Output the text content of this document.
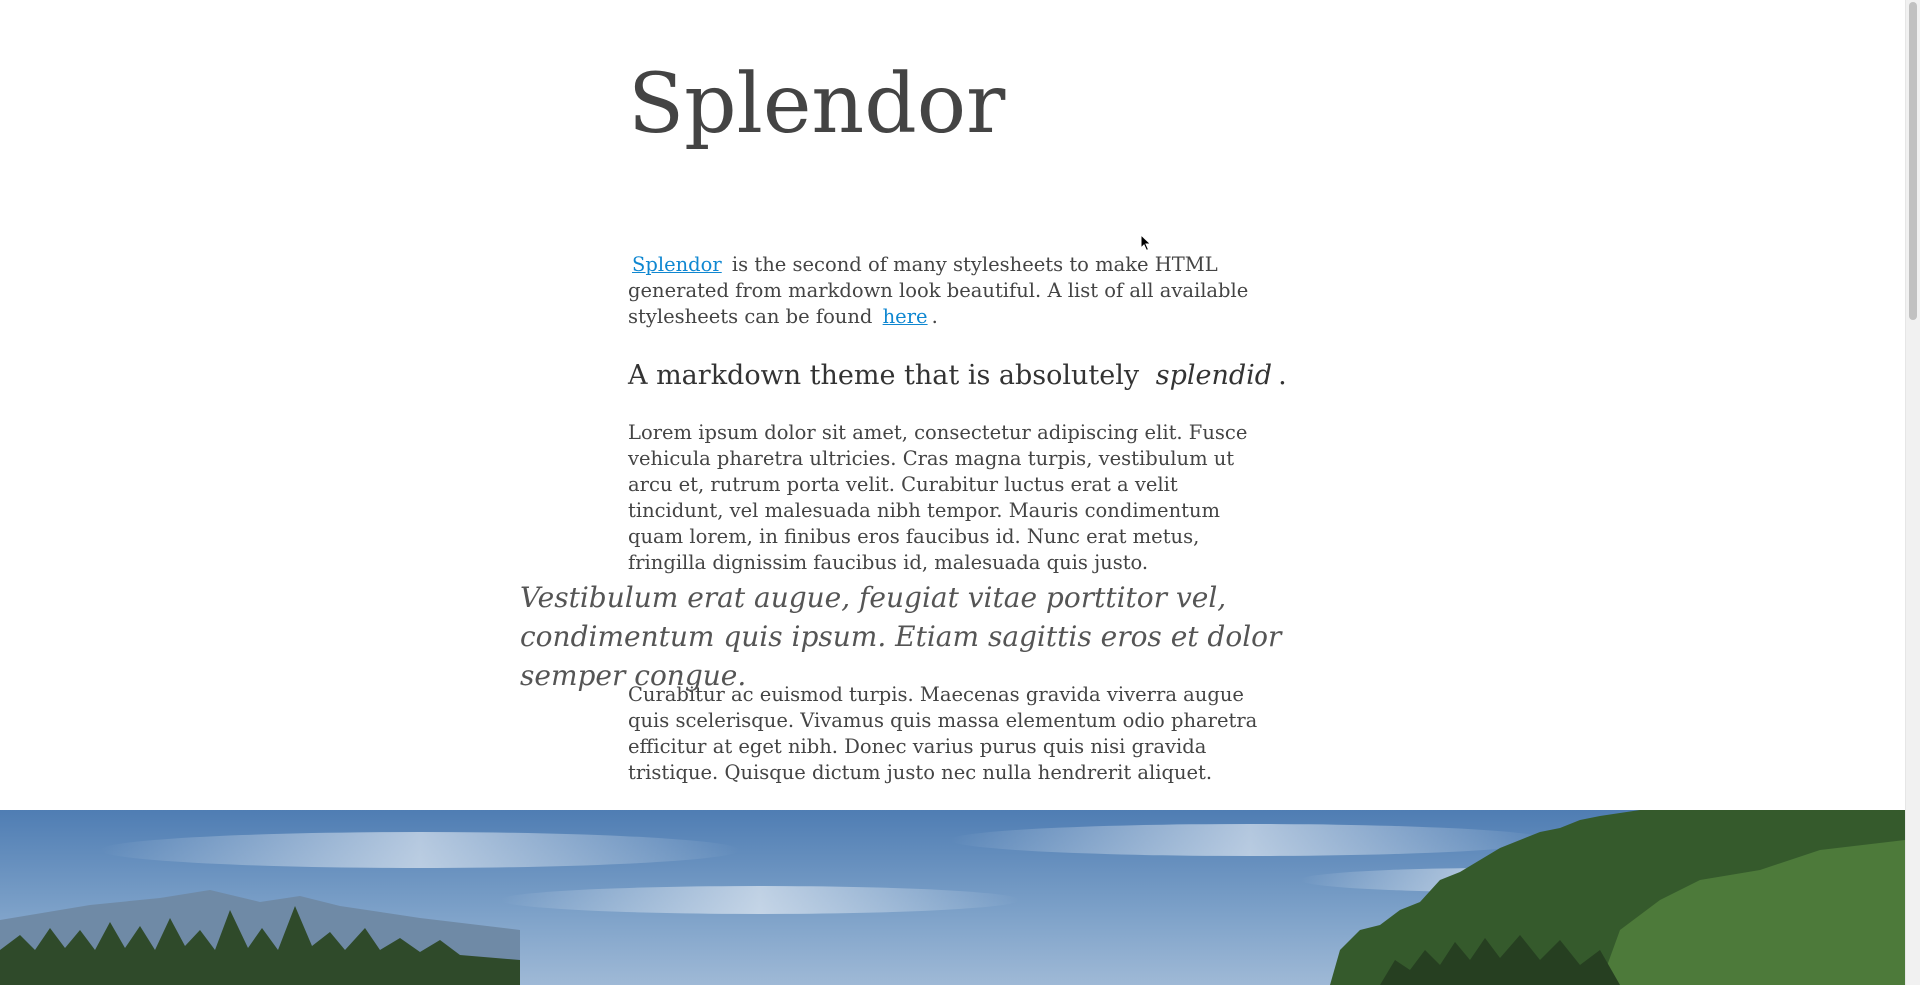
Splendor

Splendor is the second of many stylesheets to make HTML generated from markdown look beautiful. A list of all available stylesheets can be found here .

A markdown theme that is absolutely splendid .

Lorem ipsum dolor sit amet, consectetur adipiscing elit. Fusce vehicula pharetra ultricies. Cras magna turpis, vestibulum ut arcu et, rutrum porta velit. Curabitur luctus erat a velit tincidunt, vel malesuada nibh tempor. Mauris condimentum quam lorem, in finibus eros faucibus id. Nunc erat metus, fringilla dignissim faucibus id, malesuada quis justo.

Vestibulum erat augue, feugiat vitae porttitor vel, condimentum quis ipsum. Etiam sagittis eros et dolor semper congue.

Curabitur ac euismod turpis. Maecenas gravida viverra augue quis scelerisque. Vivamus quis massa elementum odio pharetra efficitur at eget nibh. Donec varius purus quis nisi gravida tristique. Quisque dictum justo nec nulla hendrerit aliquet.
